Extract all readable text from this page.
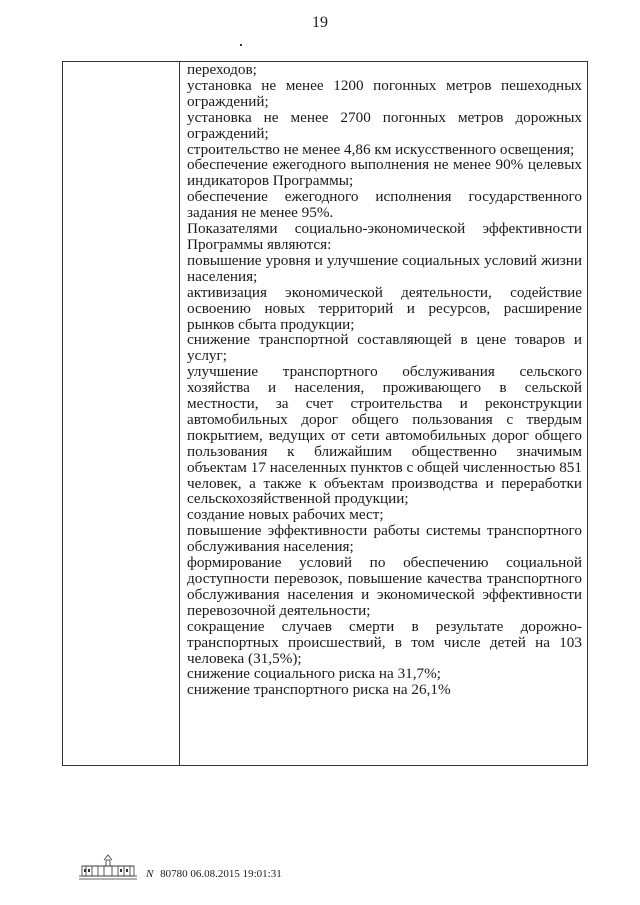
19

переходов;

установка не менее 1200 погонных метров пешеходных ограждений;

установка не менее 2700 погонных метров дорожных ограждений;

строительство не менее 4,86 км искусственного освещения;

обеспечение ежегодного выполнения не менее 90% целевых индикаторов Программы;

обеспечение ежегодного исполнения государственного задания не менее 95%.

Показателями социально-экономической эффективности Программы являются:

повышение уровня и улучшение социальных условий жизни населения;

активизация экономической деятельности, содействие освоению новых территорий и ресурсов, расширение рынков сбыта продукции;

снижение транспортной составляющей в цене товаров и услуг;

улучшение транспортного обслуживания сельского хозяйства и населения, проживающего в сельской местности, за счет строительства и реконструкции автомобильных дорог общего пользования с твердым покрытием, ведущих от сети автомобильных дорог общего пользования к ближайшим общественно значимым объектам 17 населенных пунктов с общей численностью 851 человек, а также к объектам производства и переработки сельскохозяйственной продукции;

создание новых рабочих мест;

повышение эффективности работы системы транспортного обслуживания населения;

формирование условий по обеспечению социальной доступности перевозок, повышение качества транспортного обслуживания населения и экономической эффективности перевозочной деятельности;

сокращение случаев смерти в результате дорожно-транспортных происшествий, в том числе детей на 103 человека (31,5%);

снижение социального риска на 31,7%;

снижение транспортного риска на 26,1%

N 80780 06.08.2015 19:01:31
